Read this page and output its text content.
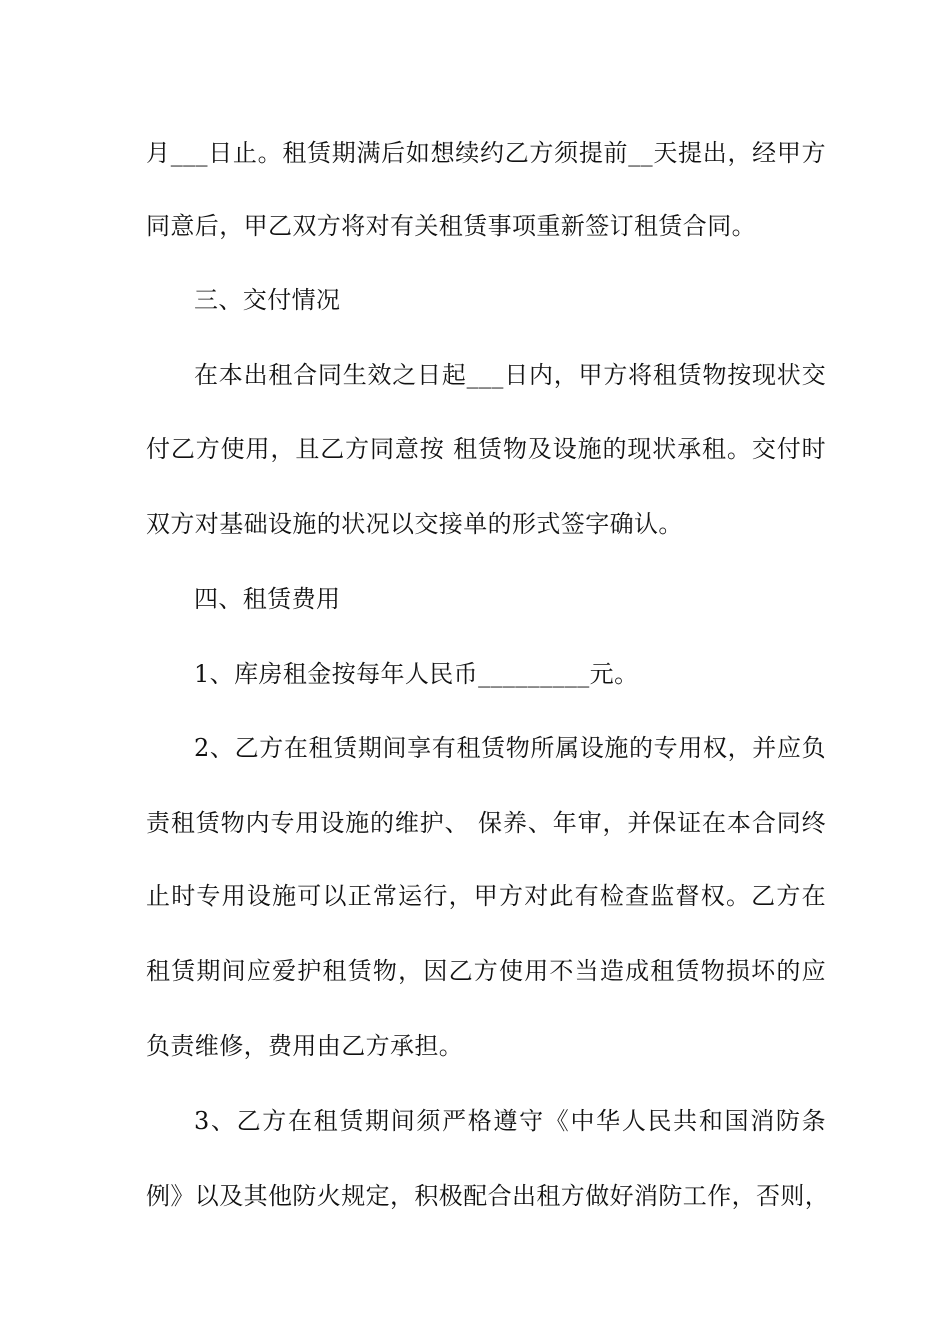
月___日止。租赁期满后如想续约乙方须提前__天提出，经甲方
同意后，甲乙双方将对有关租赁事项重新签订租赁合同。
三、交付情况
在本出租合同生效之日起___日内，甲方将租赁物按现状交
付乙方使用，且乙方同意按 租赁物及设施的现状承租。交付时
双方对基础设施的状况以交接单的形式签字确认。
四、租赁费用
1、库房租金按每年人民币_________元。
2、乙方在租赁期间享有租赁物所属设施的专用权，并应负
责租赁物内专用设施的维护、 保养、年审，并保证在本合同终
止时专用设施可以正常运行，甲方对此有检查监督权。乙方在
租赁期间应爱护租赁物，因乙方使用不当造成租赁物损坏的应
负责维修，费用由乙方承担。
3、乙方在租赁期间须严格遵守《中华人民共和国消防条
例》以及其他防火规定，积极配合出租方做好消防工作，否则，
